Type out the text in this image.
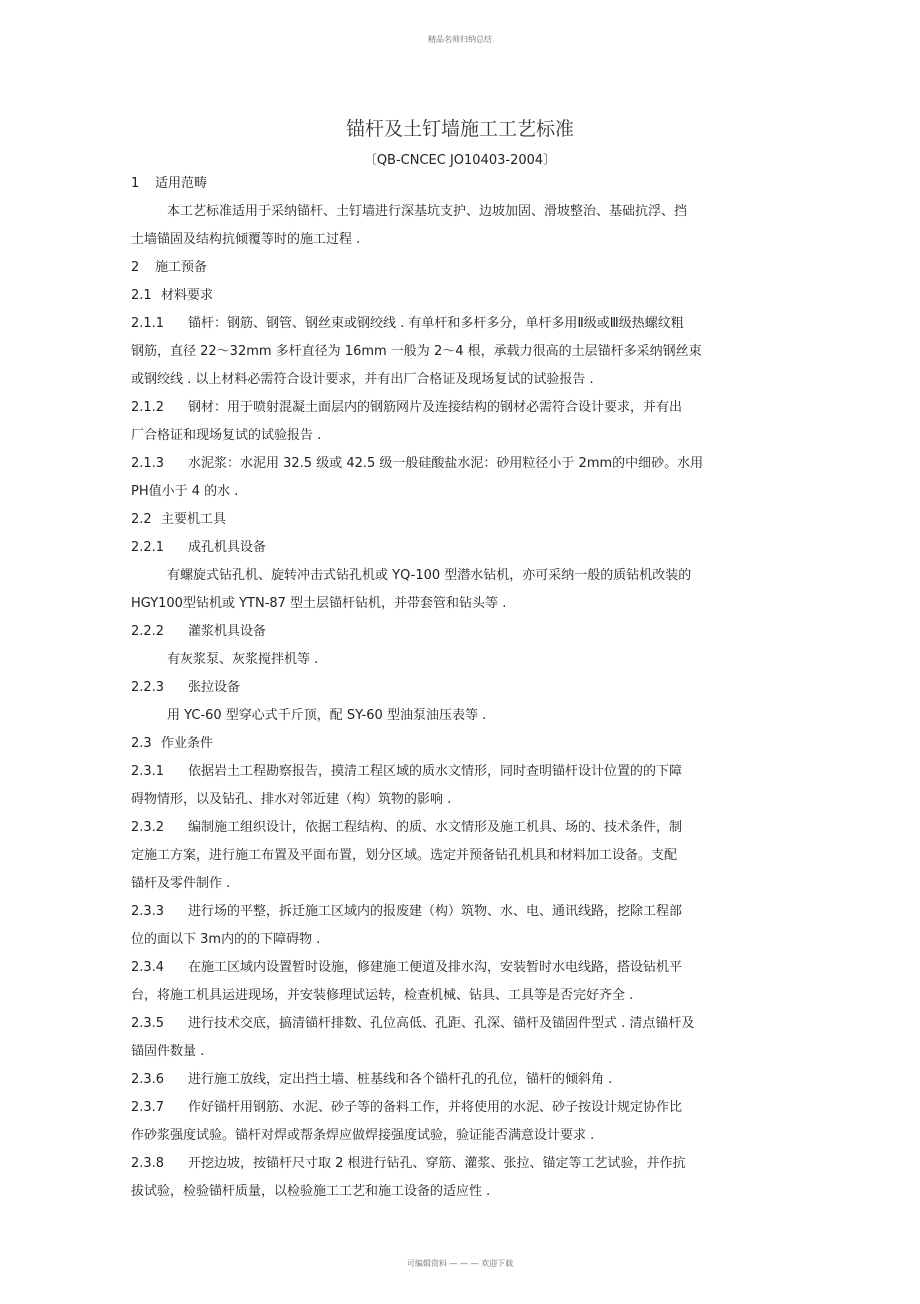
精品名师归纳总结
锚杆及土钉墙施工工艺标准
〔QB-CNCEC JO10403-2004〕
1 适用范畴
本工艺标准适用于采纳锚杆、土钉墙进行深基坑支护、边坡加固、滑坡整治、基础抗浮、挡
土墙锚固及结构抗倾覆等时的施工过程 .
2 施工预备
2.1 材料要求
2.1.1 锚杆：钢筋、钢管、钢丝束或钢绞线 . 有单杆和多杆多分，单杆多用Ⅱ级或Ⅲ级热螺纹粗
钢筋，直径 22～32mm 多杆直径为 16mm 一般为 2～4 根，承载力很高的土层锚杆多采纳钢丝束
或钢绞线 . 以上材料必需符合设计要求，并有出厂合格证及现场复试的试验报告 .
2.1.2 钢材：用于喷射混凝土面层内的钢筋网片及连接结构的钢材必需符合设计要求，并有出
厂合格证和现场复试的试验报告 .
2.1.3 水泥浆：水泥用 32.5 级或 42.5 级一般硅酸盐水泥：砂用粒径小于 2mm的中细砂。水用
PH值小于 4 的水 .
2.2 主要机工具
2.2.1 成孔机具设备
有螺旋式钻孔机、旋转冲击式钻孔机或 YQ-100 型潜水钻机，亦可采纳一般的质钻机改装的
HGY100型钻机或 YTN-87 型土层锚杆钻机，并带套管和钻头等 .
2.2.2 灌浆机具设备
有灰浆泵、灰浆搅拌机等 .
2.2.3 张拉设备
用 YC-60 型穿心式千斤顶，配 SY-60 型油泵油压表等 .
2.3 作业条件
2.3.1 依据岩土工程勘察报告，摸清工程区域的质水文情形，同时查明锚杆设计位置的的下障
碍物情形，以及钻孔、排水对邻近建（构）筑物的影响 .
2.3.2 编制施工组织设计，依据工程结构、的质、水文情形及施工机具、场的、技术条件，制
定施工方案，进行施工布置及平面布置，划分区域。选定并预备钻孔机具和材料加工设备。支配
锚杆及零件制作 .
2.3.3 进行场的平整，拆迁施工区域内的报废建（构）筑物、水、电、通讯线路，挖除工程部
位的面以下 3m内的的下障碍物 .
2.3.4 在施工区域内设置暂时设施，修建施工便道及排水沟，安装暂时水电线路，搭设钻机平
台，将施工机具运进现场，并安装修理试运转，检查机械、钻具、工具等是否完好齐全 .
2.3.5 进行技术交底，搞清锚杆排数、孔位高低、孔距、孔深、锚杆及锚固件型式 . 清点锚杆及
锚固件数量 .
2.3.6 进行施工放线，定出挡土墙、桩基线和各个锚杆孔的孔位，锚杆的倾斜角 .
2.3.7 作好锚杆用钢筋、水泥、砂子等的备料工作，并将使用的水泥、砂子按设计规定协作比
作砂浆强度试验。锚杆对焊或帮条焊应做焊接强度试验，验证能否满意设计要求 .
2.3.8 开挖边坡，按锚杆尺寸取 2 根进行钻孔、穿筋、灌浆、张拉、锚定等工艺试验，并作抗
拔试验，检验锚杆质量，以检验施工工艺和施工设备的适应性 .
可编辑资料 — — — 欢迎下载
